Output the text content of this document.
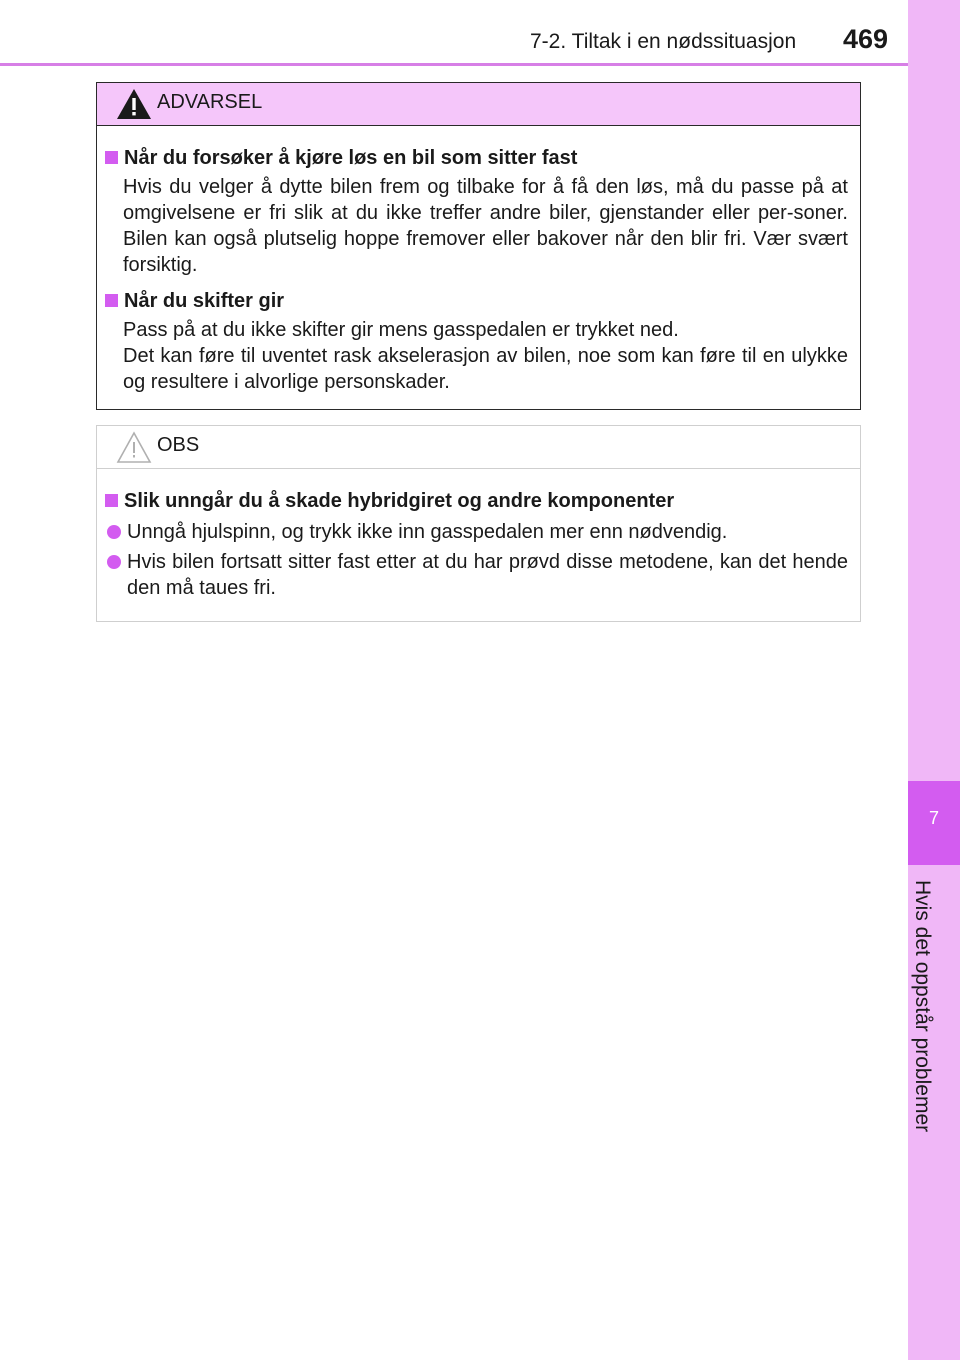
7-2. Tiltak i en nødssituasjon 469
7
Hvis det oppstår problemer
ADVARSEL
Når du forsøker å kjøre løs en bil som sitter fast
Hvis du velger å dytte bilen frem og tilbake for å få den løs, må du passe på at omgivelsene er fri slik at du ikke treffer andre biler, gjenstander eller per-soner. Bilen kan også plutselig hoppe fremover eller bakover når den blir fri. Vær svært forsiktig.
Når du skifter gir
Pass på at du ikke skifter gir mens gasspedalen er trykket ned.
Det kan føre til uventet rask akselerasjon av bilen, noe som kan føre til en ulykke og resultere i alvorlige personskader.
OBS
Slik unngår du å skade hybridgiret og andre komponenter
Unngå hjulspinn, og trykk ikke inn gasspedalen mer enn nødvendig.
Hvis bilen fortsatt sitter fast etter at du har prøvd disse metodene, kan det hende den må taues fri.
